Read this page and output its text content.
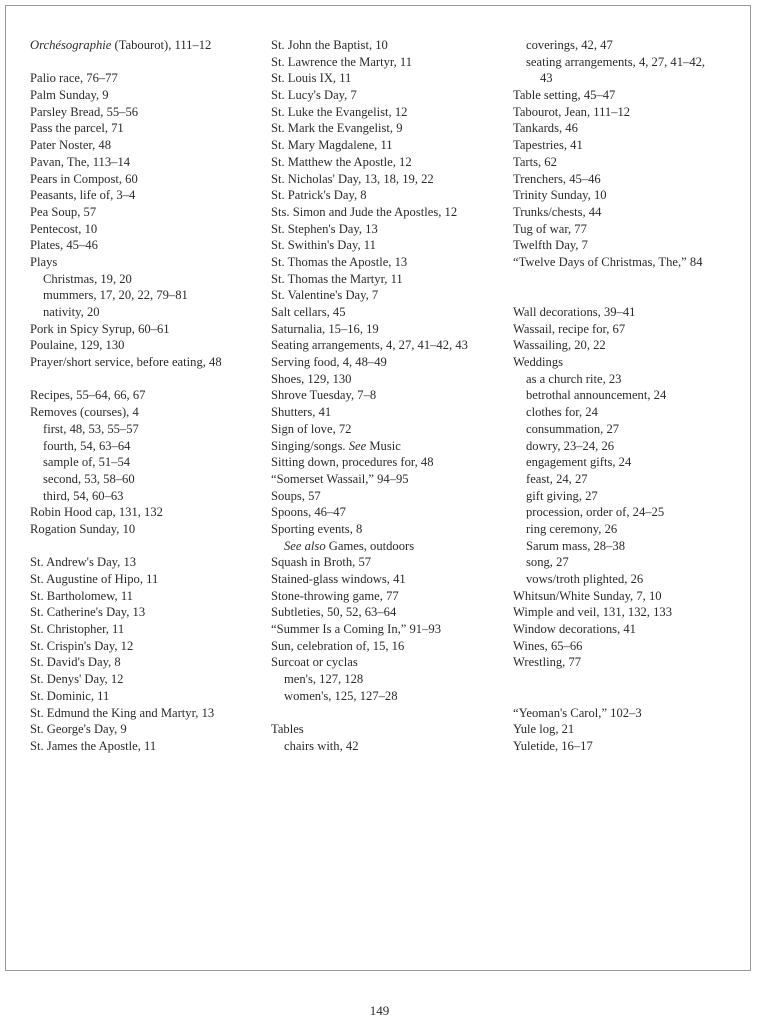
Orchésographie (Tabourot), 111–12
Palio race, 76–77
Palm Sunday, 9
Parsley Bread, 55–56
Pass the parcel, 71
Pater Noster, 48
Pavan, The, 113–14
Pears in Compost, 60
Peasants, life of, 3–4
Pea Soup, 57
Pentecost, 10
Plates, 45–46
Plays
Christmas, 19, 20
mummers, 17, 20, 22, 79–81
nativity, 20
Pork in Spicy Syrup, 60–61
Poulaine, 129, 130
Prayer/short service, before eating, 48
Recipes, 55–64, 66, 67
Removes (courses), 4
first, 48, 53, 55–57
fourth, 54, 63–64
sample of, 51–54
second, 53, 58–60
third, 54, 60–63
Robin Hood cap, 131, 132
Rogation Sunday, 10
St. Andrew's Day, 13
St. Augustine of Hipo, 11
St. Bartholomew, 11
St. Catherine's Day, 13
St. Christopher, 11
St. Crispin's Day, 12
St. David's Day, 8
St. Denys' Day, 12
St. Dominic, 11
St. Edmund the King and Martyr, 13
St. George's Day, 9
St. James the Apostle, 11
St. John the Baptist, 10
St. Lawrence the Martyr, 11
St. Louis IX, 11
St. Lucy's Day, 7
St. Luke the Evangelist, 12
St. Mark the Evangelist, 9
St. Mary Magdalene, 11
St. Matthew the Apostle, 12
St. Nicholas' Day, 13, 18, 19, 22
St. Patrick's Day, 8
Sts. Simon and Jude the Apostles, 12
St. Stephen's Day, 13
St. Swithin's Day, 11
St. Thomas the Apostle, 13
St. Thomas the Martyr, 11
St. Valentine's Day, 7
Salt cellars, 45
Saturnalia, 15–16, 19
Seating arrangements, 4, 27, 41–42, 43
Serving food, 4, 48–49
Shoes, 129, 130
Shrove Tuesday, 7–8
Shutters, 41
Sign of love, 72
Singing/songs. See Music
Sitting down, procedures for, 48
“Somerset Wassail,” 94–95
Soups, 57
Spoons, 46–47
Sporting events, 8
See also Games, outdoors
Squash in Broth, 57
Stained-glass windows, 41
Stone-throwing game, 77
Subtleties, 50, 52, 63–64
“Summer Is a Coming In,” 91–93
Sun, celebration of, 15, 16
Surcoat or cyclas
men's, 127, 128
women's, 125, 127–28
Tables
chairs with, 42
coverings, 42, 47
seating arrangements, 4, 27, 41–42,
43
Table setting, 45–47
Tabourot, Jean, 111–12
Tankards, 46
Tapestries, 41
Tarts, 62
Trenchers, 45–46
Trinity Sunday, 10
Trunks/chests, 44
Tug of war, 77
Twelfth Day, 7
“Twelve Days of Christmas, The,” 84
Wall decorations, 39–41
Wassail, recipe for, 67
Wassailing, 20, 22
Weddings
as a church rite, 23
betrothal announcement, 24
clothes for, 24
consummation, 27
dowry, 23–24, 26
engagement gifts, 24
feast, 24, 27
gift giving, 27
procession, order of, 24–25
ring ceremony, 26
Sarum mass, 28–38
song, 27
vows/troth plighted, 26
Whitsun/White Sunday, 7, 10
Wimple and veil, 131, 132, 133
Window decorations, 41
Wines, 65–66
Wrestling, 77
“Yeoman's Carol,” 102–3
Yule log, 21
Yuletide, 16–17
149
